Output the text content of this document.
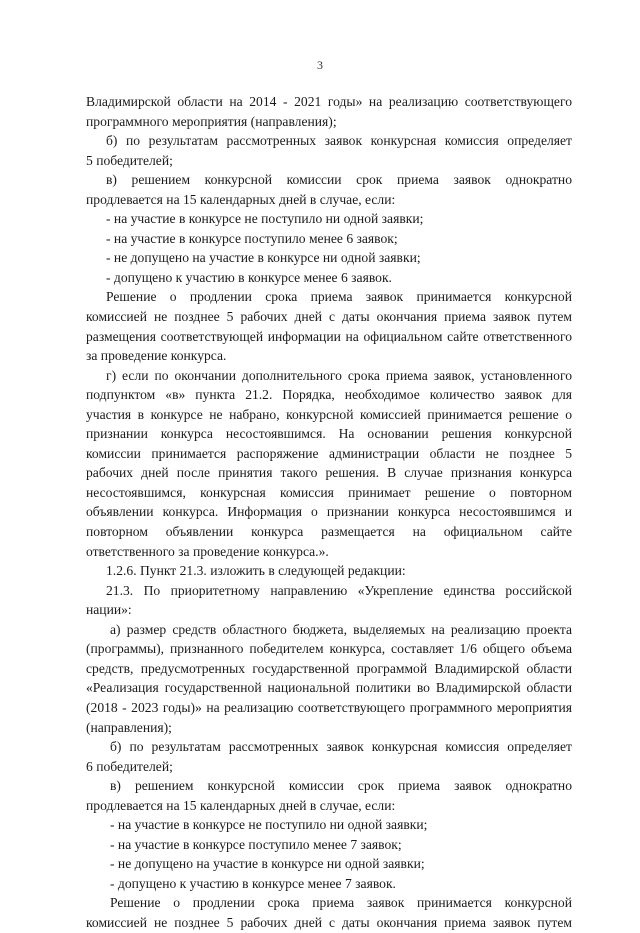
3
Владимирской области на 2014 - 2021 годы» на реализацию соответствующего
программного мероприятия (направления);
б) по результатам рассмотренных заявок конкурсная комиссия определяет
5 победителей;
в) решением конкурсной комиссии срок приема заявок однократно
продлевается на 15 календарных дней в случае, если:
- на участие в конкурсе не поступило ни одной заявки;
- на участие в конкурсе поступило менее 6 заявок;
- не допущено на участие в конкурсе ни одной заявки;
- допущено к участию в конкурсе менее 6 заявок.
Решение о продлении срока приема заявок принимается конкурсной
комиссией не позднее 5 рабочих дней с даты окончания приема заявок путем
размещения соответствующей информации на официальном сайте ответственного
за проведение конкурса.
г) если по окончании дополнительного срока приема заявок, установленного
подпунктом «в» пункта 21.2. Порядка, необходимое количество заявок для
участия в конкурсе не набрано, конкурсной комиссией принимается решение о
признании конкурса несостоявшимся. На основании решения конкурсной
комиссии принимается распоряжение администрации области не позднее 5
рабочих дней после принятия такого решения. В случае признания конкурса
несостоявшимся, конкурсная комиссия принимает решение о повторном
объявлении конкурса. Информация о признании конкурса несостоявшимся и
повторном объявлении конкурса размещается на официальном сайте
ответственного за проведение конкурса.».
1.2.6. Пункт 21.3. изложить в следующей редакции:
21.3. По приоритетному направлению «Укрепление единства российской
нации»:
а) размер средств областного бюджета, выделяемых на реализацию проекта
(программы), признанного победителем конкурса, составляет 1/6 общего объема
средств, предусмотренных государственной программой Владимирской области
«Реализация государственной национальной политики во Владимирской области
(2018 - 2023 годы)» на реализацию соответствующего программного мероприятия
(направления);
б) по результатам рассмотренных заявок конкурсная комиссия определяет
6 победителей;
в) решением конкурсной комиссии срок приема заявок однократно
продлевается на 15 календарных дней в случае, если:
- на участие в конкурсе не поступило ни одной заявки;
- на участие в конкурсе поступило менее 7 заявок;
- не допущено на участие в конкурсе ни одной заявки;
- допущено к участию в конкурсе менее 7 заявок.
Решение о продлении срока приема заявок принимается конкурсной
комиссией не позднее 5 рабочих дней с даты окончания приема заявок путем
